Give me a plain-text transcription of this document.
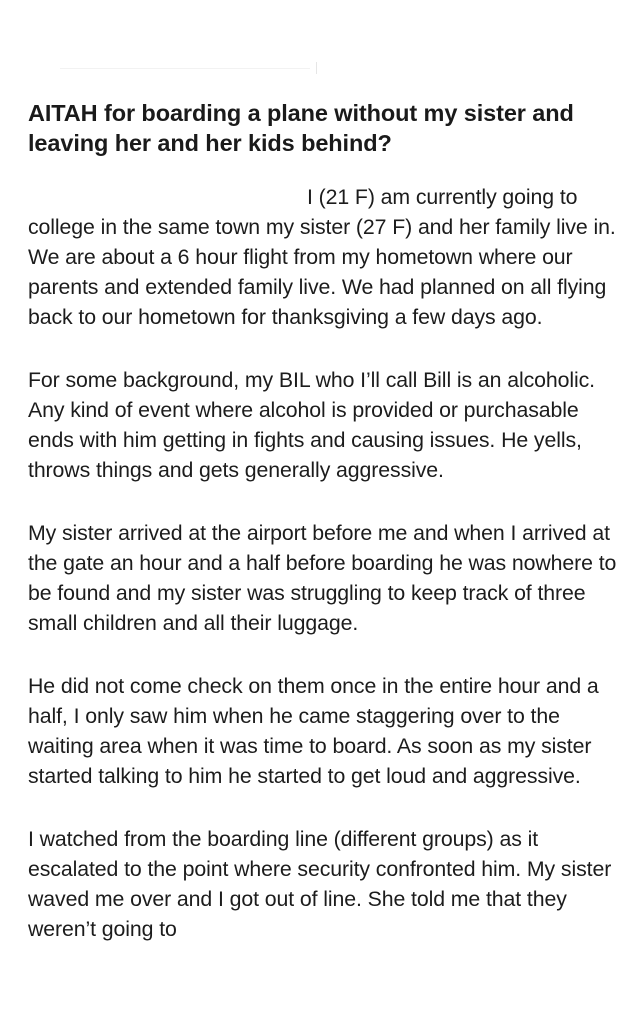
AITAH for boarding a plane without my sister and leaving her and her kids behind?

I (21 F) am currently going to college in the same town my sister (27 F) and her family live in. We are about a 6 hour flight from my hometown where our parents and extended family live. We had planned on all flying back to our hometown for thanksgiving a few days ago.

For some background, my BIL who I’ll call Bill is an alcoholic. Any kind of event where alcohol is provided or purchasable ends with him getting in fights and causing issues. He yells, throws things and gets generally aggressive.

My sister arrived at the airport before me and when I arrived at the gate an hour and a half before boarding he was nowhere to be found and my sister was struggling to keep track of three small children and all their luggage.

He did not come check on them once in the entire hour and a half, I only saw him when he came staggering over to the waiting area when it was time to board. As soon as my sister started talking to him he started to get loud and aggressive.

I watched from the boarding line (different groups) as it escalated to the point where security confronted him. My sister waved me over and I got out of line. She told me that they weren’t going to
